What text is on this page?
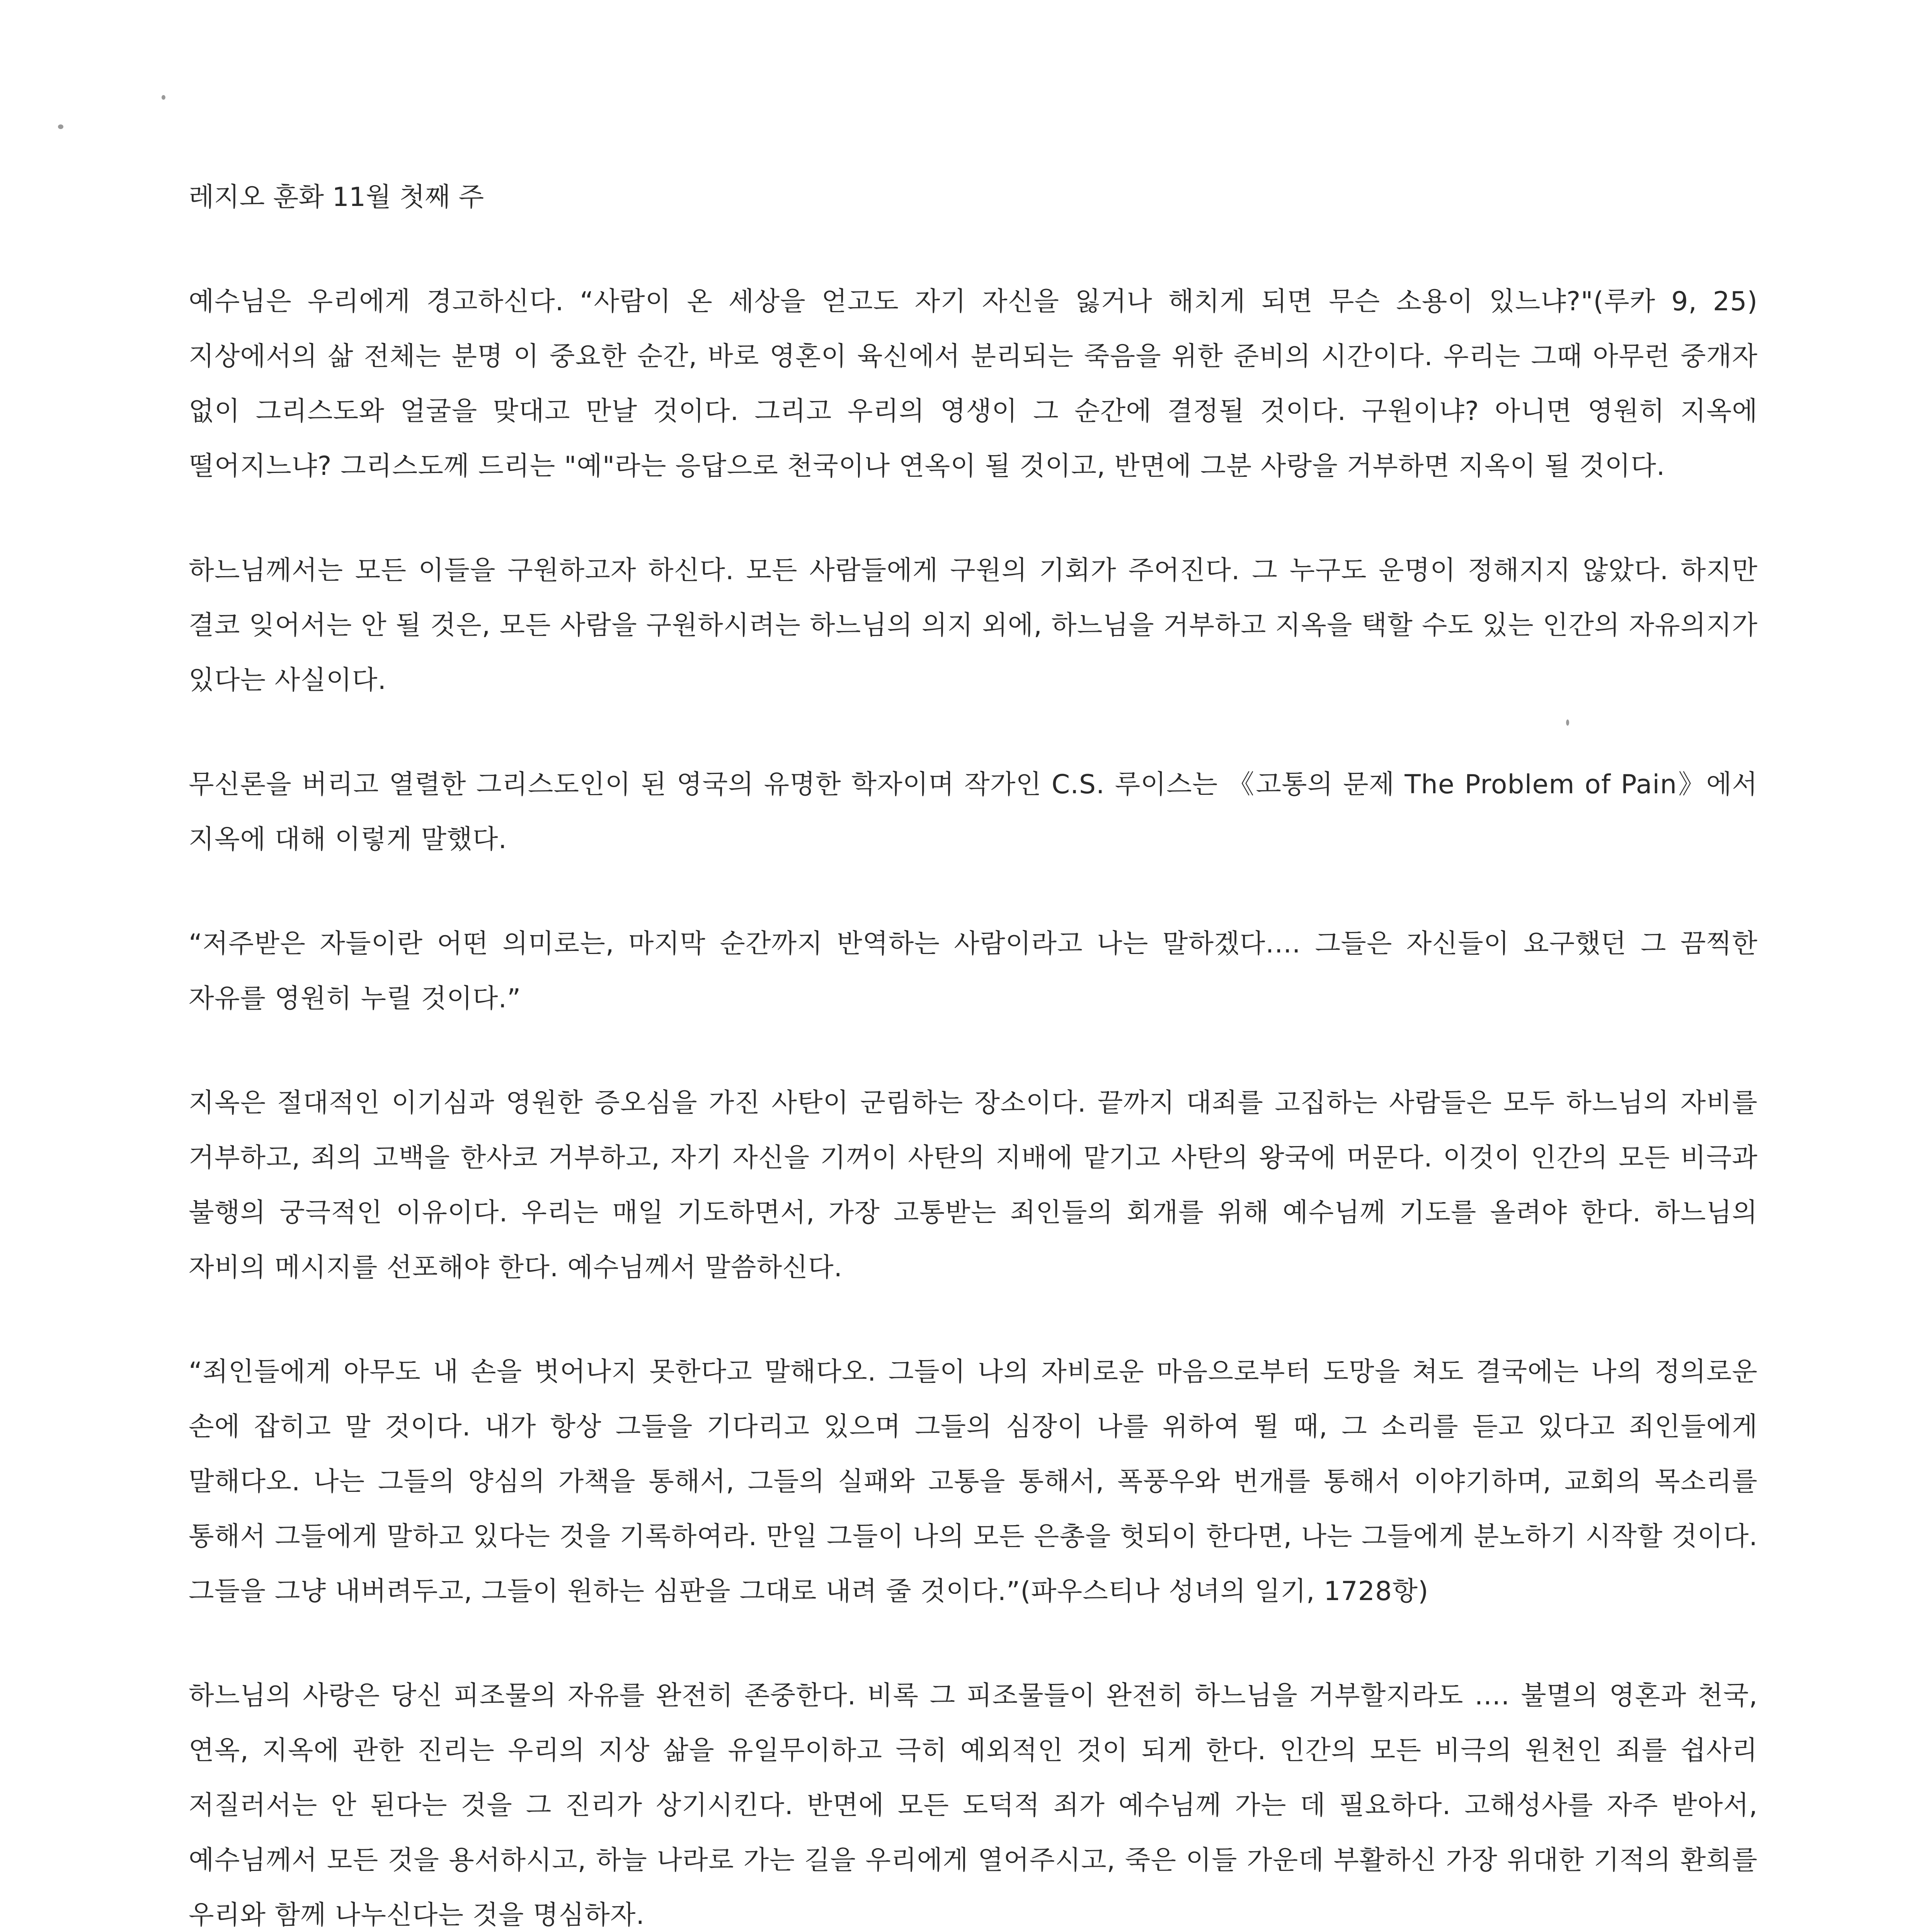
레지오 훈화 11월 첫째 주

예수님은 우리에게 경고하신다. “사람이 온 세상을 얻고도 자기 자신을 잃거나 해치게 되면 무슨 소용이 있느냐?"(루카 9, 25) 지상에서의 삶 전체는 분명 이 중요한 순간, 바로 영혼이 육신에서 분리되는 죽음을 위한 준비의 시간이다. 우리는 그때 아무런 중개자 없이 그리스도와 얼굴을 맞대고 만날 것이다. 그리고 우리의 영생이 그 순간에 결정될 것이다. 구원이냐? 아니면 영원히 지옥에 떨어지느냐? 그리스도께 드리는 "예"라는 응답으로 천국이나 연옥이 될 것이고, 반면에 그분 사랑을 거부하면 지옥이 될 것이다.

하느님께서는 모든 이들을 구원하고자 하신다. 모든 사람들에게 구원의 기회가 주어진다. 그 누구도 운명이 정해지지 않았다. 하지만 결코 잊어서는 안 될 것은, 모든 사람을 구원하시려는 하느님의 의지 외에, 하느님을 거부하고 지옥을 택할 수도 있는 인간의 자유의지가 있다는 사실이다.

무신론을 버리고 열렬한 그리스도인이 된 영국의 유명한 학자이며 작가인 C.S. 루이스는 《고통의 문제 The Problem of Pain》에서 지옥에 대해 이렇게 말했다.

“저주받은 자들이란 어떤 의미로는, 마지막 순간까지 반역하는 사람이라고 나는 말하겠다.… 그들은 자신들이 요구했던 그 끔찍한 자유를 영원히 누릴 것이다.”

지옥은 절대적인 이기심과 영원한 증오심을 가진 사탄이 군림하는 장소이다. 끝까지 대죄를 고집하는 사람들은 모두 하느님의 자비를 거부하고, 죄의 고백을 한사코 거부하고, 자기 자신을 기꺼이 사탄의 지배에 맡기고 사탄의 왕국에 머문다. 이것이 인간의 모든 비극과 불행의 궁극적인 이유이다. 우리는 매일 기도하면서, 가장 고통받는 죄인들의 회개를 위해 예수님께 기도를 올려야 한다. 하느님의 자비의 메시지를 선포해야 한다. 예수님께서 말씀하신다.

“죄인들에게 아무도 내 손을 벗어나지 못한다고 말해다오. 그들이 나의 자비로운 마음으로부터 도망을 쳐도 결국에는 나의 정의로운 손에 잡히고 말 것이다. 내가 항상 그들을 기다리고 있으며 그들의 심장이 나를 위하여 뛸 때, 그 소리를 듣고 있다고 죄인들에게 말해다오. 나는 그들의 양심의 가책을 통해서, 그들의 실패와 고통을 통해서, 폭풍우와 번개를 통해서 이야기하며, 교회의 목소리를 통해서 그들에게 말하고 있다는 것을 기록하여라. 만일 그들이 나의 모든 은총을 헛되이 한다면, 나는 그들에게 분노하기 시작할 것이다. 그들을 그냥 내버려두고, 그들이 원하는 심판을 그대로 내려 줄 것이다.”(파우스티나 성녀의 일기, 1728항)

하느님의 사랑은 당신 피조물의 자유를 완전히 존중한다. 비록 그 피조물들이 완전히 하느님을 거부할지라도 …. 불멸의 영혼과 천국, 연옥, 지옥에 관한 진리는 우리의 지상 삶을 유일무이하고 극히 예외적인 것이 되게 한다. 인간의 모든 비극의 원천인 죄를 쉽사리 저질러서는 안 된다는 것을 그 진리가 상기시킨다. 반면에 모든 도덕적 죄가 예수님께 가는 데 필요하다. 고해성사를 자주 받아서, 예수님께서 모든 것을 용서하시고, 하늘 나라로 가는 길을 우리에게 열어주시고, 죽은 이들 가운데 부활하신 가장 위대한 기적의 환희를 우리와 함께 나누신다는 것을 명심하자.
